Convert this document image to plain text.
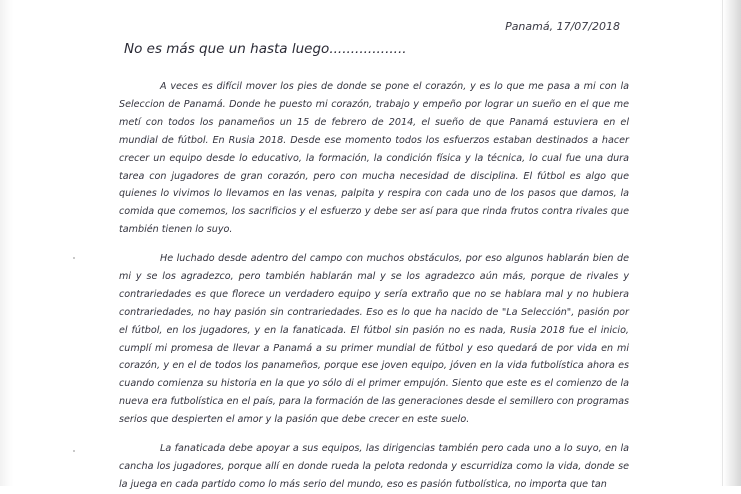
Panamá, 17/07/2018
No es más que un hasta luego..................

A veces es difícil mover los pies de donde se pone el corazón, y es lo que me pasa a mi con la Seleccion de Panamá. Donde he puesto mi corazón, trabajo y empeño por lograr un sueño en el que me metí con todos los panameños un 15 de febrero de 2014, el sueño de que Panamá estuviera en el mundial de fútbol. En Rusia 2018. Desde ese momento todos los esfuerzos estaban destinados a hacer crecer un equipo desde lo educativo, la formación, la condición física y la técnica, lo cual fue una dura tarea con jugadores de gran corazón, pero con mucha necesidad de disciplina. El fútbol es algo que quienes lo vivimos lo llevamos en las venas, palpita y respira con cada uno de los pasos que damos, la comida que comemos, los sacrificios y el esfuerzo y debe ser así para que rinda frutos contra rivales que también tienen lo suyo.

He luchado desde adentro del campo con muchos obstáculos, por eso algunos hablarán bien de mi y se los agradezco, pero también hablarán mal y se los agradezco aún más, porque de rivales y contrariedades es que florece un verdadero equipo y sería extraño que no se hablara mal y no hubiera contrariedades, no hay pasión sin contrariedades. Eso es lo que ha nacido de "La Selección", pasión por el fútbol, en los jugadores, y en la fanaticada. El fútbol sin pasión no es nada, Rusia 2018 fue el inicio, cumplí mi promesa de llevar a Panamá a su primer mundial de fútbol y eso quedará de por vida en mi corazón, y en el de todos los panameños, porque ese joven equipo, jóven en la vida futbolística ahora es cuando comienza su historia en la que yo sólo di el primer empujón. Siento que este es el comienzo de la nueva era futbolística en el país, para la formación de las generaciones desde el semillero con programas serios que despierten el amor y la pasión que debe crecer en este suelo.

La fanaticada debe apoyar a sus equipos, las dirigencias también pero cada uno a lo suyo, en la cancha los jugadores, porque allí en donde rueda la pelota redonda y escurridiza como la vida, donde se la juega en cada partido como lo más serio del mundo, eso es pasión futbolística, no importa que tan
